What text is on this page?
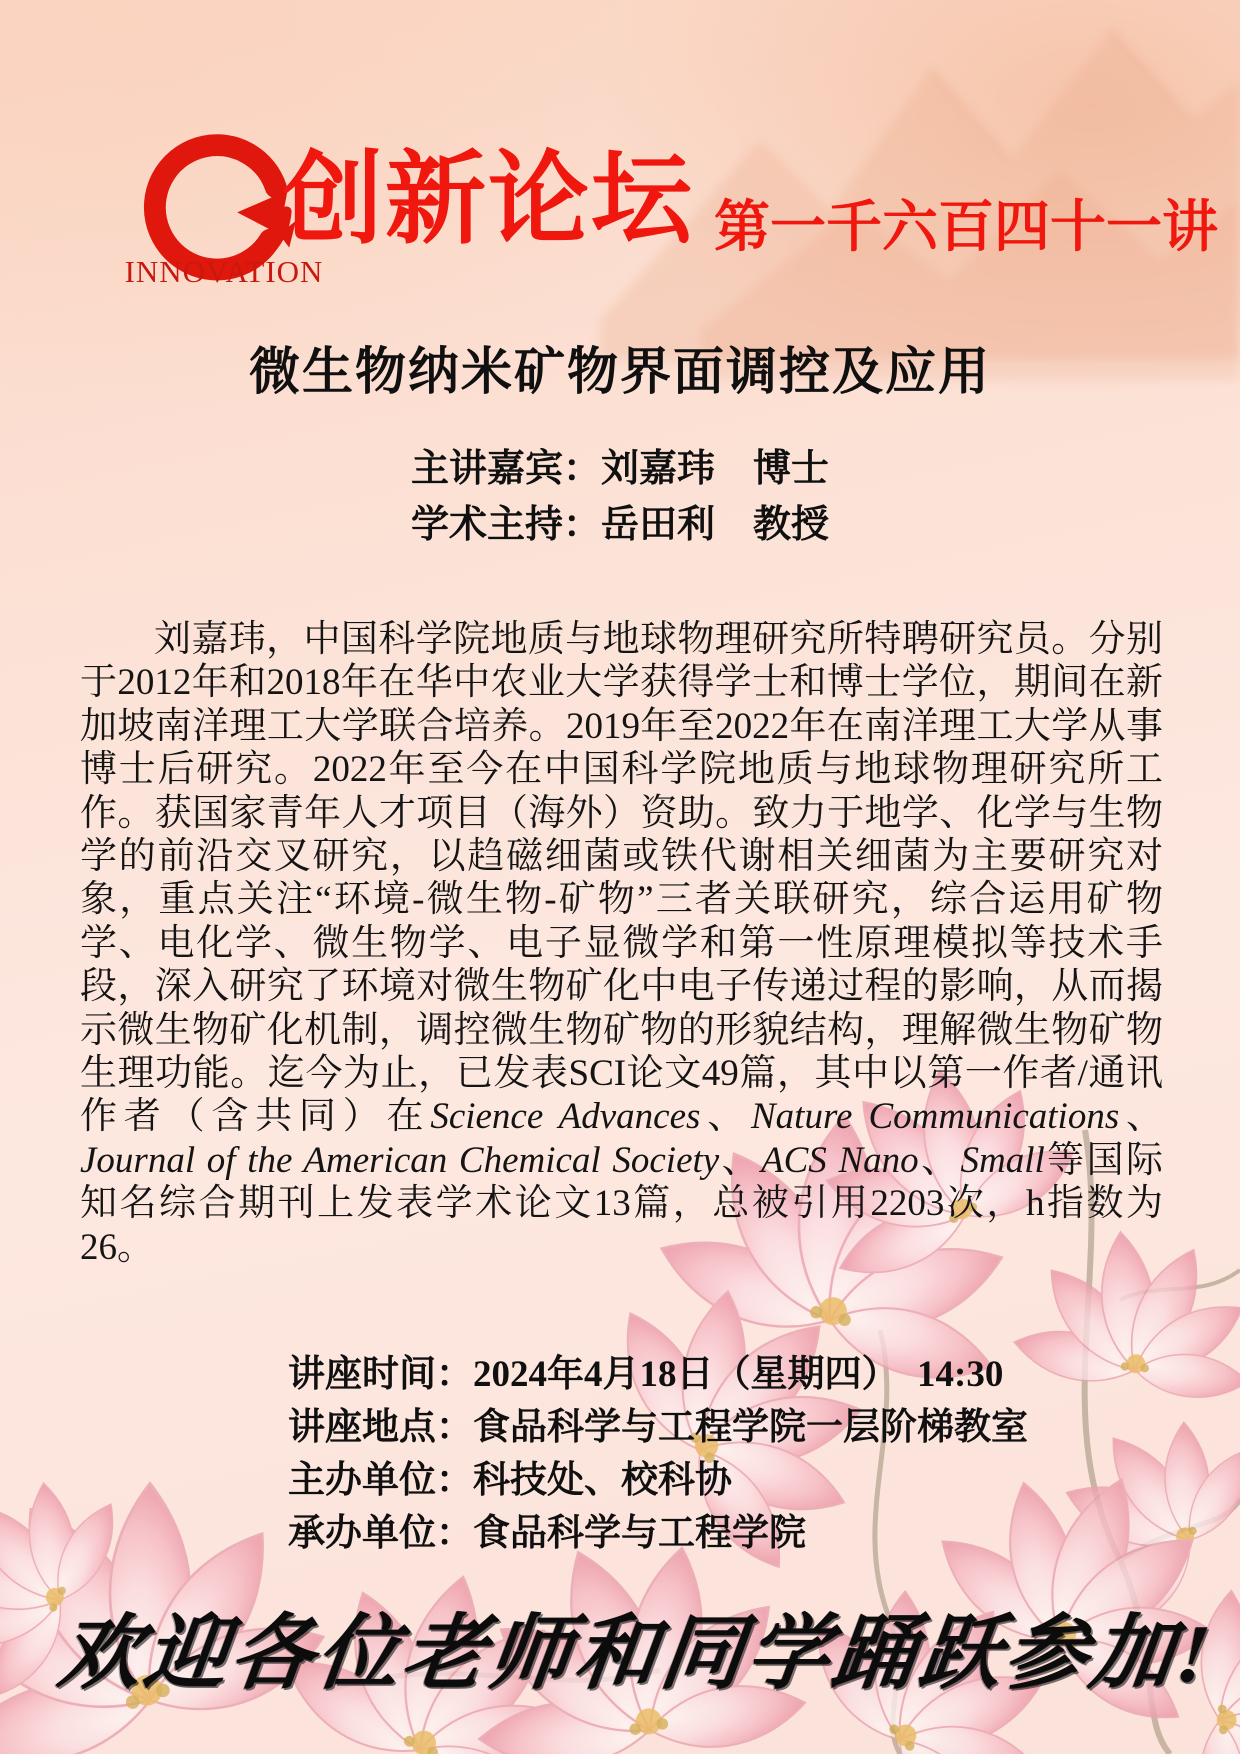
INNOVATION
创新论坛 第一千六百四十一讲
微生物纳米矿物界面调控及应用
主讲嘉宾：刘嘉玮　博士
学术主持：岳田利　教授

刘嘉玮，中国科学院地质与地球物理研究所特聘研究员。分别于2012年和2018年在华中农业大学获得学士和博士学位，期间在新加坡南洋理工大学联合培养。2019年至2022年在南洋理工大学从事博士后研究。2022年至今在中国科学院地质与地球物理研究所工作。获国家青年人才项目（海外）资助。致力于地学、化学与生物学的前沿交叉研究，以趋磁细菌或铁代谢相关细菌为主要研究对象，重点关注“环境-微生物-矿物”三者关联研究，综合运用矿物学、电化学、微生物学、电子显微学和第一性原理模拟等技术手段，深入研究了环境对微生物矿化中电子传递过程的影响，从而揭示微生物矿化机制，调控微生物矿物的形貌结构，理解微生物矿物生理功能。迄今为止，已发表SCI论文49篇，其中以第一作者/通讯作者（含共同）在Science Advances、Nature Communications、Journal of the American Chemical Society、ACS Nano、Small等国际知名综合期刊上发表学术论文13篇，总被引用2203次，h指数为26。

讲座时间：2024年4月18日（星期四）　14:30
讲座地点：食品科学与工程学院一层阶梯教室
主办单位：科技处、校科协
承办单位：食品科学与工程学院
欢迎各位老师和同学踊跃参加!
